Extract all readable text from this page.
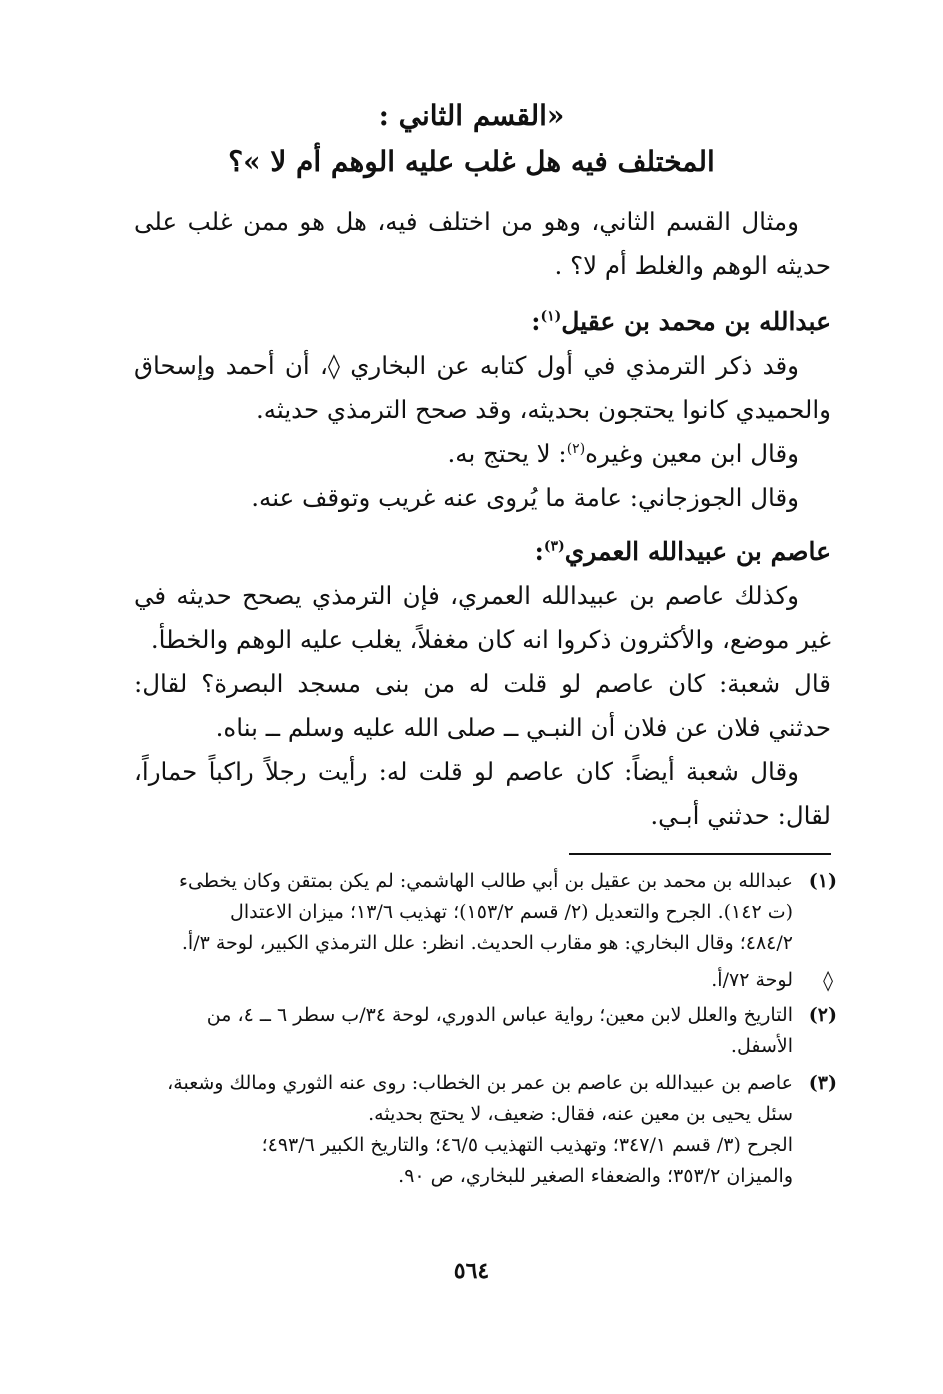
«القسم الثاني :
المختلف فيه هل غلب عليه الوهم أم لا »؟

ومثال القسم الثاني، وهو من اختلف فيه، هل هو ممن غلب على حديثه الوهم والغلط أم لا؟ .

عبدالله بن محمد بن عقيل$^{(١)}$:

وقد ذكر الترمذي في أول كتابه عن البخاري ◊، أن أحمد وإسحاق والحميدي كانوا يحتجون بحديثه، وقد صحح الترمذي حديثه.

وقال ابن معين وغيره$^{(٢)}$: لا يحتج به.

وقال الجوزجاني: عامة ما يُروى عنه غريب وتوقف عنه.

عاصم بن عبيدالله العمري$^{(٣)}$:

وكذلك عاصم بن عبيدالله العمري، فإن الترمذي يصحح حديثه في غير موضع، والأكثرون ذكروا انه كان مغفلاً، يغلب عليه الوهم والخطأ.

قال شعبة: كان عاصم لو قلت له من بنى مسجد البصرة؟ لقال: حدثني فلان عن فلان أن النبـي ــ صلى الله عليه وسلم ــ بناه.

وقال شعبة أيضاً: كان عاصم لو قلت له: رأيت رجلاً راكباً حماراً، لقال: حدثني أبـي.

(١)
عبدالله بن محمد بن عقيل بن أبي طالب الهاشمي: لم يكن بمتقن وكان يخطىء
(ت ١٤٢). الجرح والتعديل (٢/ قسم ١٥٣/٢)؛ تهذيب ١٣/٦؛ ميزان الاعتدال
٤٨٤/٢؛ وقال البخاري: هو مقارب الحديث. انظر: علل الترمذي الكبير، لوحة ٣/أ.
◊
لوحة ٧٢/أ.
(٢)
التاريخ والعلل لابن معين؛ رواية عباس الدوري، لوحة ٣٤/ب سطر ٦ ــ ٤، من
الأسفل.
(٣)
عاصم بن عبيدالله بن عاصم بن عمر بن الخطاب: روى عنه الثوري ومالك وشعبة،
سئل يحيى بن معين عنه، فقال: ضعيف، لا يحتج بحديثه.
الجرح (٣/ قسم ٣٤٧/١؛ وتهذيب التهذيب ٤٦/٥؛ والتاريخ الكبير ٤٩٣/٦؛
والميزان ٣٥٣/٢؛ والضعفاء الصغير للبخاري، ص ٩٠.
٥٦٤
